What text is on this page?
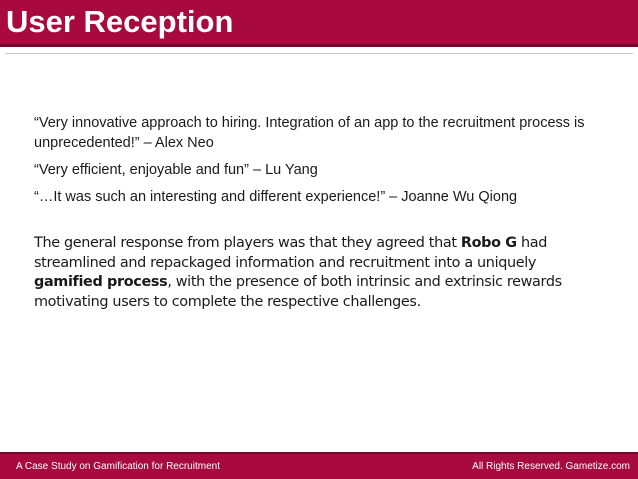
User Reception

“Very innovative approach to hiring. Integration of an app to the recruitment process is unprecedented!” – Alex Neo

“Very efficient, enjoyable and fun” – Lu Yang

“…It was such an interesting and different experience!” – Joanne Wu Qiong

The general response from players was that they agreed that Robo G had streamlined and repackaged information and recruitment into a uniquely gamified process, with the presence of both intrinsic and extrinsic rewards motivating users to complete the respective challenges.

A Case Study on Gamification for Recruitment	All Rights Reserved. Gametize.com
